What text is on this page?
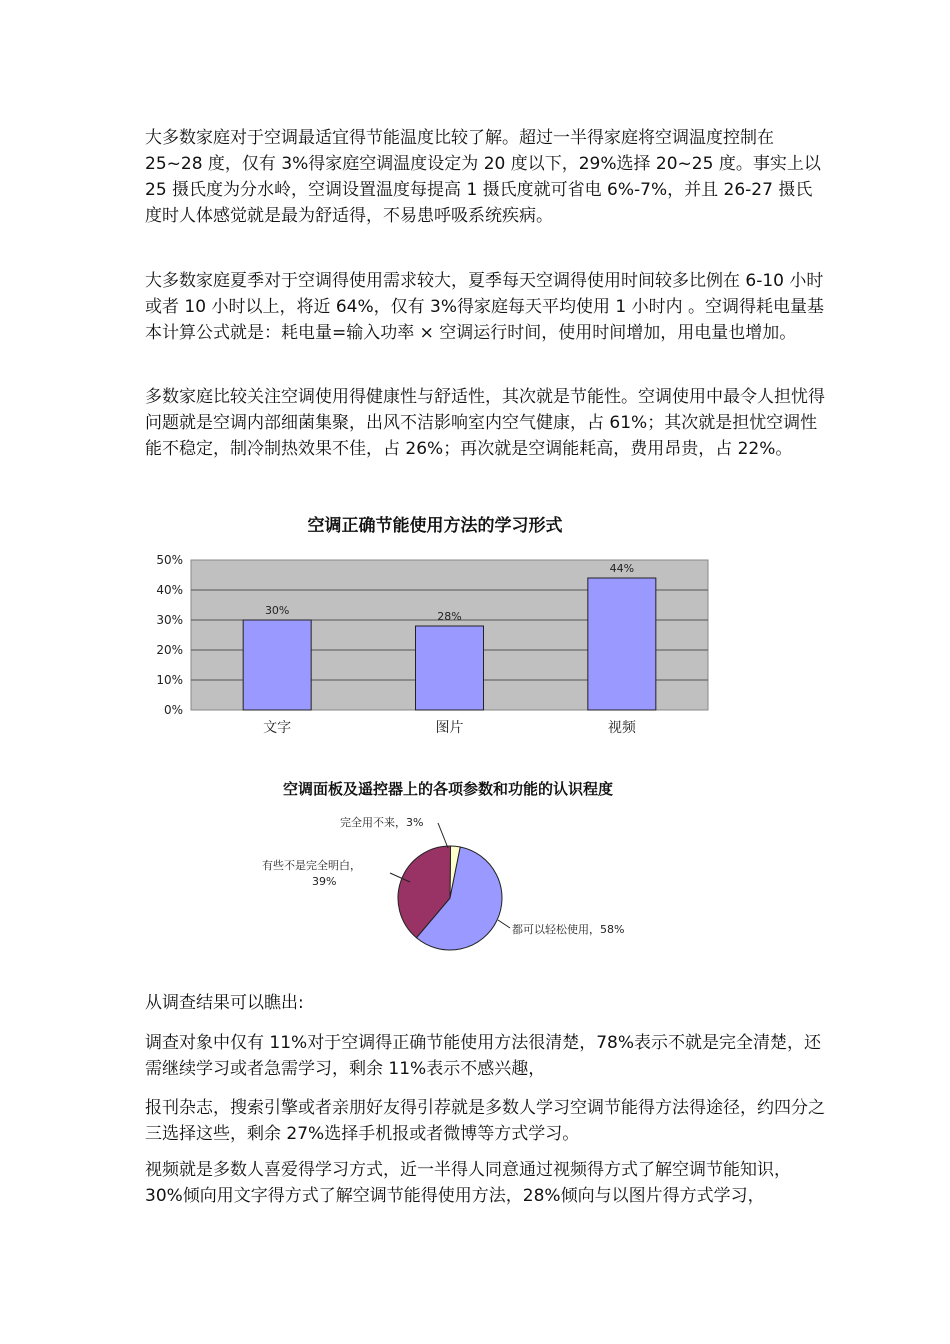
大多数家庭对于空调最适宜得节能温度比较了解。超过一半得家庭将空调温度控制在 25~28 度，仅有 3%得家庭空调温度设定为 20 度以下，29%选择 20~25 度。事实上以 25 摄氏度为分水岭，空调设置温度每提高 1 摄氏度就可省电 6%-7%，并且 26-27 摄氏度时人体感觉就是最为舒适得，不易患呼吸系统疾病。

大多数家庭夏季对于空调得使用需求较大，夏季每天空调得使用时间较多比例在 6-10 小时或者 10 小时以上，将近 64%，仅有 3%得家庭每天平均使用 1 小时内 。空调得耗电量基本计算公式就是：耗电量=输入功率 × 空调运行时间，使用时间增加，用电量也增加。

多数家庭比较关注空调使用得健康性与舒适性，其次就是节能性。空调使用中最令人担忧得问题就是空调内部细菌集聚，出风不洁影响室内空气健康，占 61%；其次就是担忧空调性能不稳定，制冷制热效果不佳，占 26%；再次就是空调能耗高，费用昂贵，占 22%。

空调正确节能使用方法的学习形式
0%
10%
20%
30%
40%
50%
30%	28%
44%
文字	图片	视频
空调面板及遥控器上的各项参数和功能的认识程度
完全用不来，3%
有些不是完全明白，
39%
都可以轻松使用，58%

从调查结果可以瞧出:

调查对象中仅有 11%对于空调得正确节能使用方法很清楚，78%表示不就是完全清楚，还需继续学习或者急需学习，剩余 11%表示不感兴趣，

报刊杂志，搜索引擎或者亲朋好友得引荐就是多数人学习空调节能得方法得途径，约四分之三选择这些，剩余 27%选择手机报或者微博等方式学习。

视频就是多数人喜爱得学习方式，近一半得人同意通过视频得方式了解空调节能知识，30%倾向用文字得方式了解空调节能得使用方法，28%倾向与以图片得方式学习，
